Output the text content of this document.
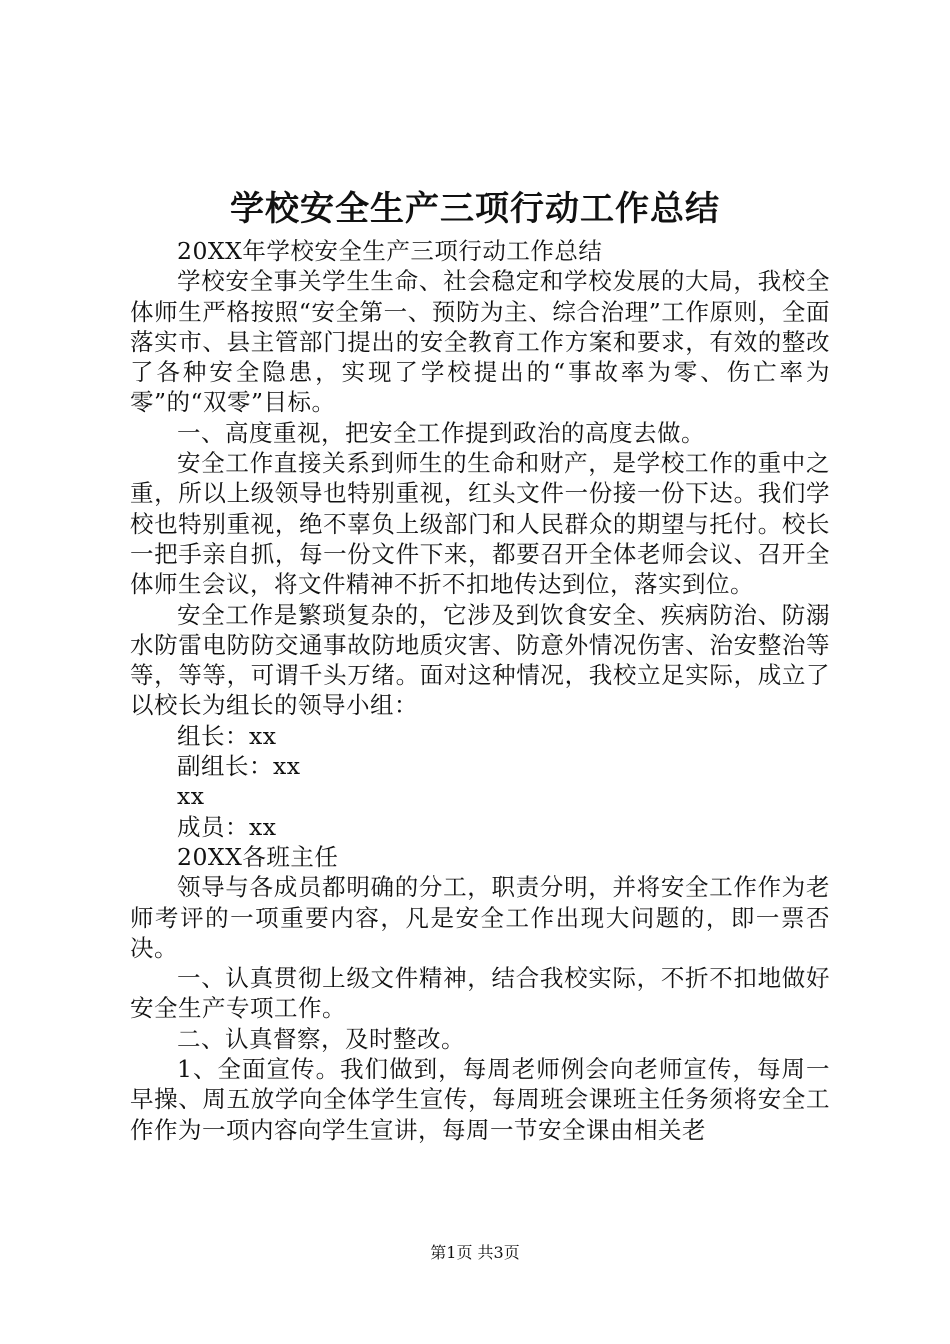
学校安全生产三项行动工作总结

20XX年学校安全生产三项行动工作总结

学校安全事关学生生命、社会稳定和学校发展的大局，我校全体师生严格按照“安全第一、预防为主、综合治理”工作原则，全面落实市、县主管部门提出的安全教育工作方案和要求，有效的整改了各种安全隐患，实现了学校提出的“事故率为零、伤亡率为零”的“双零”目标。

一、高度重视，把安全工作提到政治的高度去做。

安全工作直接关系到师生的生命和财产，是学校工作的重中之重，所以上级领导也特别重视，红头文件一份接一份下达。我们学校也特别重视，绝不辜负上级部门和人民群众的期望与托付。校长一把手亲自抓，每一份文件下来，都要召开全体老师会议、召开全体师生会议，将文件精神不折不扣地传达到位，落实到位。

安全工作是繁琐复杂的，它涉及到饮食安全、疾病防治、防溺水防雷电防防交通事故防地质灾害、防意外情况伤害、治安整治等等，等等，可谓千头万绪。面对这种情况，我校立足实际，成立了以校长为组长的领导小组：

组长：xx

副组长：xx

xx

成员：xx

20XX各班主任

领导与各成员都明确的分工，职责分明，并将安全工作作为老师考评的一项重要内容，凡是安全工作出现大问题的，即一票否决。

一、认真贯彻上级文件精神，结合我校实际，不折不扣地做好安全生产专项工作。

二、认真督察，及时整改。

1、全面宣传。我们做到，每周老师例会向老师宣传，每周一早操、周五放学向全体学生宣传，每周班会课班主任务须将安全工作作为一项内容向学生宣讲，每周一节安全课由相关老

第1页 共3页
